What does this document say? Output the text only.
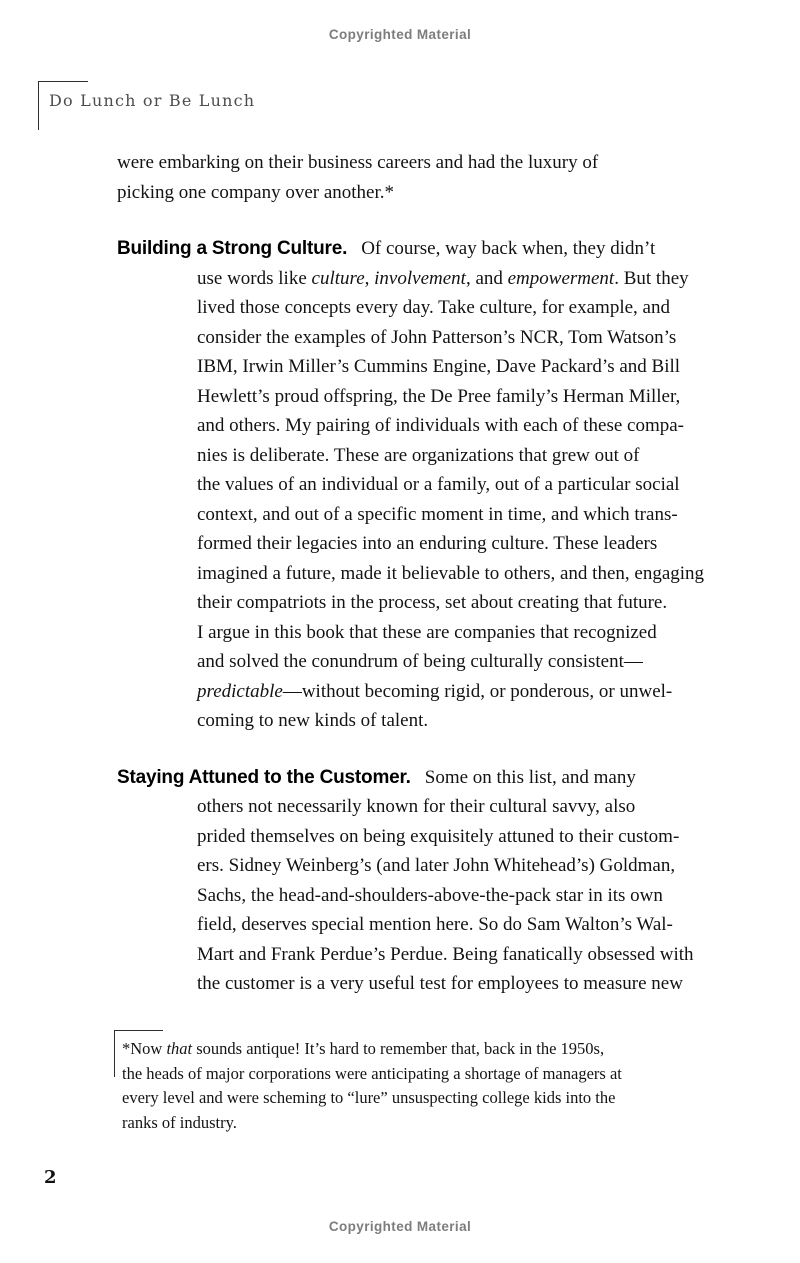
Copyrighted Material
Do Lunch or Be Lunch

were embarking on their business careers and had the luxury of
picking one company over another.*

Building a Strong Culture. Of course, way back when, they didn’t
use words like culture, involvement, and empowerment. But they
lived those concepts every day. Take culture, for example, and
consider the examples of John Patterson’s NCR, Tom Watson’s
IBM, Irwin Miller’s Cummins Engine, Dave Packard’s and Bill
Hewlett’s proud offspring, the De Pree family’s Herman Miller,
and others. My pairing of individuals with each of these compa-
nies is deliberate. These are organizations that grew out of
the values of an individual or a family, out of a particular social
context, and out of a specific moment in time, and which trans-
formed their legacies into an enduring culture. These leaders
imagined a future, made it believable to others, and then, engaging
their compatriots in the process, set about creating that future.
I argue in this book that these are companies that recognized
and solved the conundrum of being culturally consistent—
predictable—without becoming rigid, or ponderous, or unwel-
coming to new kinds of talent.

Staying Attuned to the Customer. Some on this list, and many
others not necessarily known for their cultural savvy, also
prided themselves on being exquisitely attuned to their custom-
ers. Sidney Weinberg’s (and later John Whitehead’s) Goldman,
Sachs, the head-and-shoulders-above-the-pack star in its own
field, deserves special mention here. So do Sam Walton’s Wal-
Mart and Frank Perdue’s Perdue. Being fanatically obsessed with
the customer is a very useful test for employees to measure new

*Now that sounds antique! It’s hard to remember that, back in the 1950s,
the heads of major corporations were anticipating a shortage of managers at
every level and were scheming to “lure” unsuspecting college kids into the
ranks of industry.
2
Copyrighted Material
